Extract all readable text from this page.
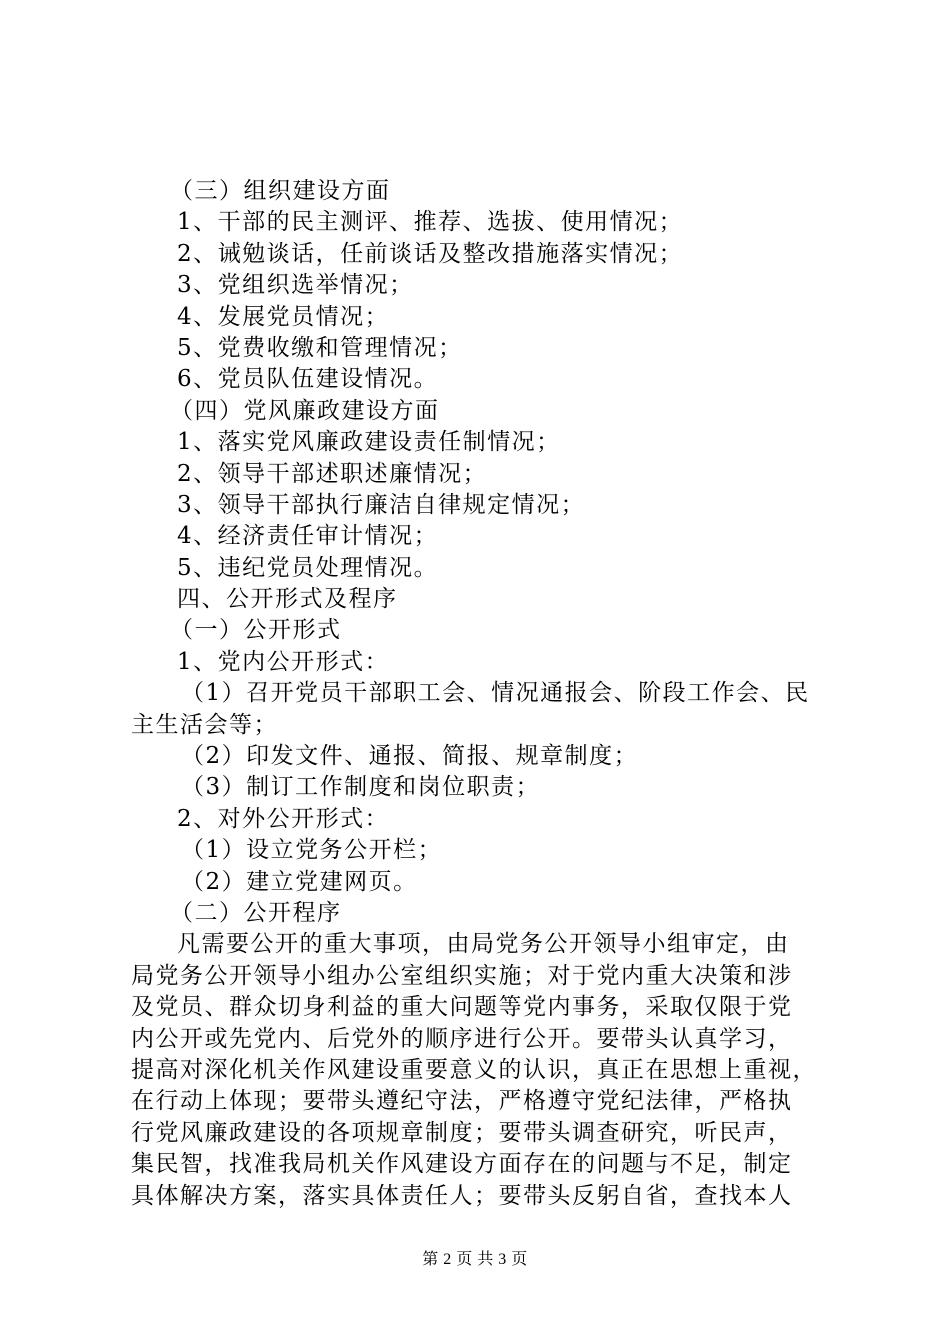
（三）组织建设方面
1、干部的民主测评、推荐、选拔、使用情况；
2、诫勉谈话，任前谈话及整改措施落实情况；
3、党组织选举情况；
4、发展党员情况；
5、党费收缴和管理情况；
6、党员队伍建设情况。
（四）党风廉政建设方面
1、落实党风廉政建设责任制情况；
2、领导干部述职述廉情况；
3、领导干部执行廉洁自律规定情况；
4、经济责任审计情况；
5、违纪党员处理情况。
四、公开形式及程序
（一）公开形式
1、党内公开形式：
（1）召开党员干部职工会、情况通报会、阶段工作会、民
主生活会等；
（2）印发文件、通报、简报、规章制度；
（3）制订工作制度和岗位职责；
2、对外公开形式：
（1）设立党务公开栏；
（2）建立党建网页。
（二）公开程序
凡需要公开的重大事项，由局党务公开领导小组审定，由
局党务公开领导小组办公室组织实施；对于党内重大决策和涉
及党员、群众切身利益的重大问题等党内事务，采取仅限于党
内公开或先党内、后党外的顺序进行公开。要带头认真学习，
提高对深化机关作风建设重要意义的认识，真正在思想上重视，
在行动上体现；要带头遵纪守法，严格遵守党纪法律，严格执
行党风廉政建设的各项规章制度；要带头调查研究，听民声，
集民智，找准我局机关作风建设方面存在的问题与不足，制定
具体解决方案，落实具体责任人；要带头反躬自省，查找本人
第 2 页 共 3 页
